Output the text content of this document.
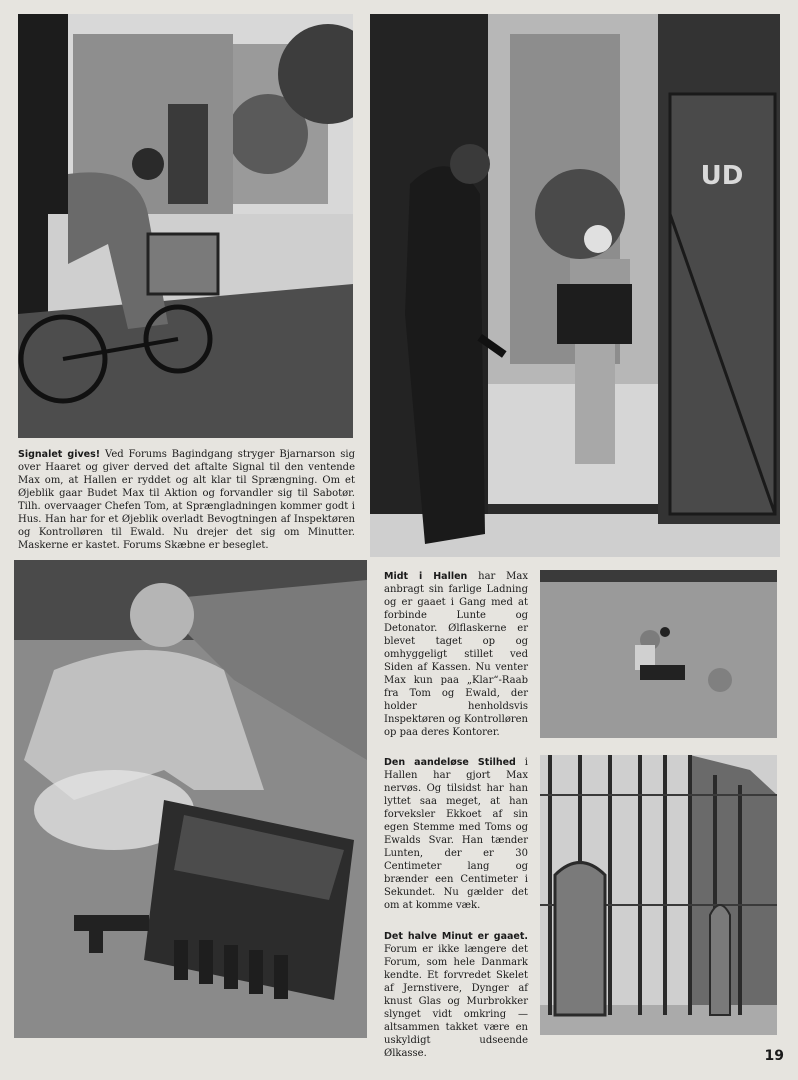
Signalet gives! Ved Forums Bagindgang stryger Bjarnarson sig over Haaret og giver derved det aftalte Signal til den ventende Max om, at Hallen er ryddet og alt klar til Sprængning. Om et Øjeblik gaar Budet Max til Aktion og forvandler sig til Sabotør. Tilh. overvaager Chefen Tom, at Sprængladningen kommer godt i Hus. Han har for et Øjeblik overladt Bevogtningen af Inspektøren og Kontrolløren til Ewald. Nu drejer det sig om Minutter. Maskerne er kastet. Forums Skæbne er beseglet.
UD
Midt i Hallen har Max anbragt sin farlige Ladning og er gaaet i Gang med at forbinde Lunte og Detonator. Ølflaskerne er blevet taget op og omhyggeligt stillet ved Siden af Kassen. Nu venter Max kun paa „Klar“-Raab fra Tom og Ewald, der holder henholdsvis Inspektøren og Kontrolløren op paa deres Kontorer.
Den aandeløse Stilhed i Hallen har gjort Max nervøs. Og tilsidst har han lyttet saa meget, at han forveksler Ekkoet af sin egen Stemme med Toms og Ewalds Svar. Han tænder Lunten, der er 30 Centimeter lang og brænder een Centimeter i Sekundet. Nu gælder det om at komme væk.
Det halve Minut er gaaet. Forum er ikke længere det Forum, som hele Danmark kendte. Et forvredet Skelet af Jernstivere, Dynger af knust Glas og Murbrokker slynget vidt omkring — altsammen takket være en uskyldigt udseende Ølkasse.	19
